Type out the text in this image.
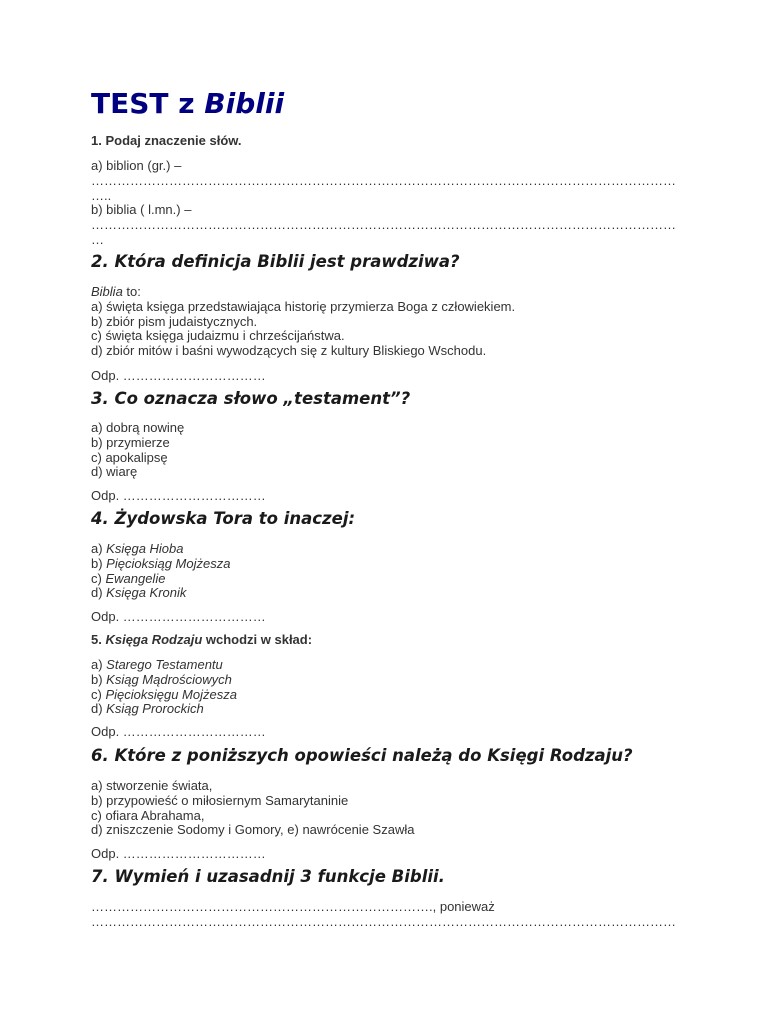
TEST z Biblii
1. Podaj znaczenie słów.
a) biblion (gr.) –
………………………………………………………………………………………………………………………
…..
b) biblia ( l.mn.) –
………………………………………………………………………………………………………………………
…
2. Która definicja Biblii jest prawdziwa?
Biblia to:
a) święta księga przedstawiająca historię przymierza Boga z człowiekiem.
b) zbiór pism judaistycznych.
c) święta księga judaizmu i chrześcijaństwa.
d) zbiór mitów i baśni wywodzących się z kultury Bliskiego Wschodu.
Odp. ……………………………
3. Co oznacza słowo „testament”?
a) dobrą nowinę
b) przymierze
c) apokalipsę
d) wiarę
Odp. ……………………………
4. Żydowska Tora to inaczej:
a) Księga Hioba
b) Pięcioksiąg Mojżesza
c) Ewangelie
d) Księga Kronik
Odp. ……………………………
5. Księga Rodzaju wchodzi w skład:
a) Starego Testamentu
b) Ksiąg Mądrościowych
c) Pięcioksięgu Mojżesza
d) Ksiąg Prorockich
Odp. ……………………………
6. Które z poniższych opowieści należą do Księgi Rodzaju?
a) stworzenie świata,
b) przypowieść o miłosiernym Samarytaninie
c) ofiara Abrahama,
d) zniszczenie Sodomy i Gomory, e) nawrócenie Szawła
Odp. ……………………………
7. Wymień i uzasadnij 3 funkcje Biblii.
……………………………………………………………………., ponieważ
………………………………………………………………………………………………………………………
